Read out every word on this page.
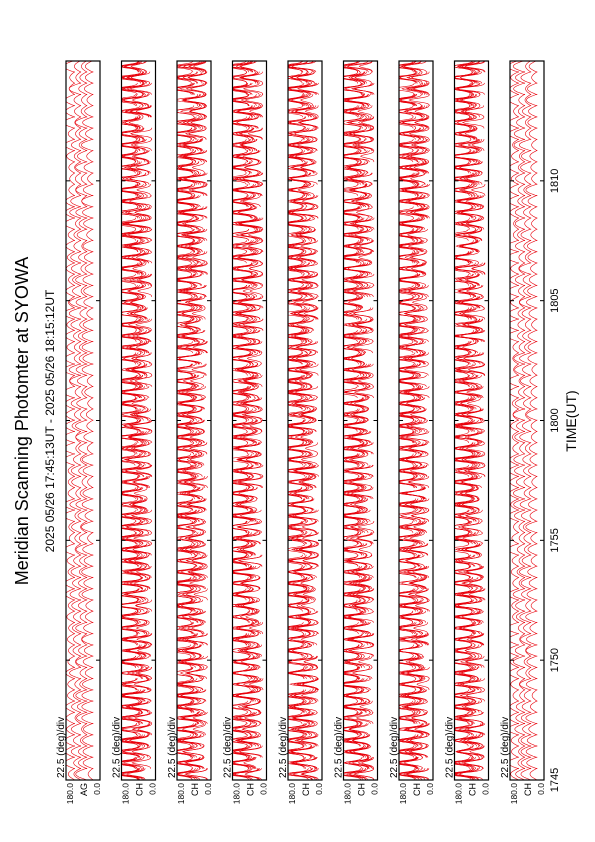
Meridian Scanning Photomter at SYOWA 2025 05/26 17:45:13UT - 2025 05/26 18:15:12UT
180.0 0.0
AG
22.5 (deg)/div
180.0 0.0
CH
22.5 (deg)/div
180.0 0.0
CH
22.5 (deg)/div
180.0 0.0
CH
22.5 (deg)/div
180.0 0.0
CH
22.5 (deg)/div
180.0 0.0
CH
22.5 (deg)/div
180.0 0.0
CH
22.5 (deg)/div
180.0 0.0
CH
22.5 (deg)/div
180.0 0.0
CH
22.5 (deg)/div
1745
1750
1755
1800
1805
1810
TIME(UT)
